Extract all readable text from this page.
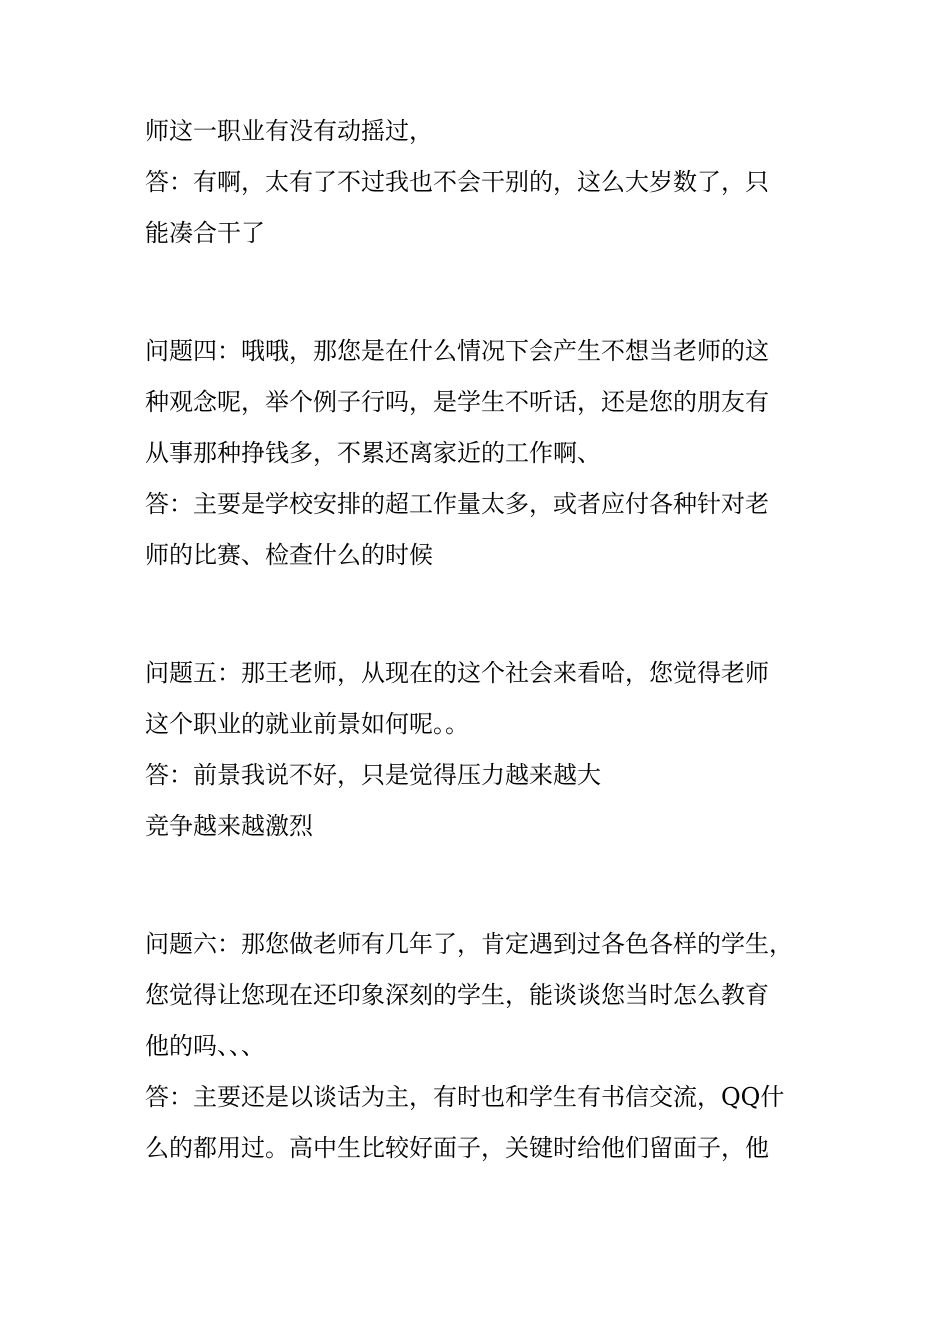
师这一职业有没有动摇过，

答：有啊，太有了不过我也不会干别的，这么大岁数了，只

能凑合干了

问题四：哦哦，那您是在什么情况下会产生不想当老师的这

种观念呢，举个例子行吗，是学生不听话，还是您的朋友有

从事那种挣钱多，不累还离家近的工作啊、

答：主要是学校安排的超工作量太多，或者应付各种针对老

师的比赛、检查什么的时候

问题五：那王老师，从现在的这个社会来看哈，您觉得老师

这个职业的就业前景如何呢。。

答：前景我说不好，只是觉得压力越来越大

竞争越来越激烈

问题六：那您做老师有几年了，肯定遇到过各色各样的学生，

您觉得让您现在还印象深刻的学生，能谈谈您当时怎么教育

他的吗、、、

答：主要还是以谈话为主，有时也和学生有书信交流，QQ什

么的都用过。高中生比较好面子，关键时给他们留面子，他
